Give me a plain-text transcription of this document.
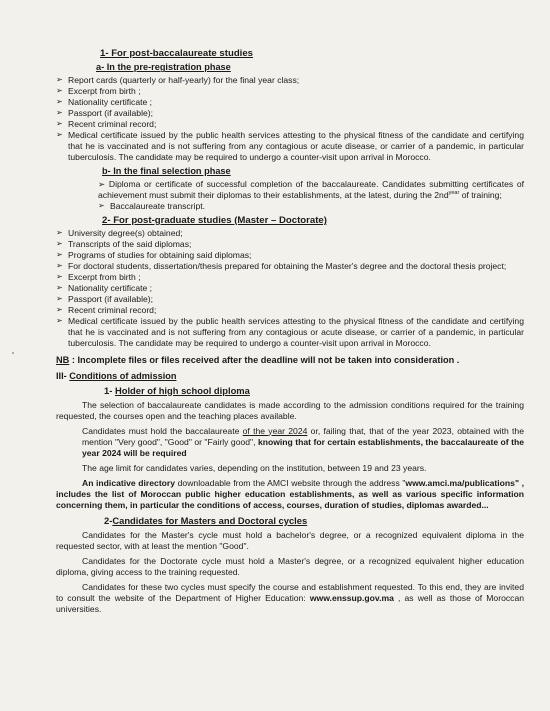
1- For post-baccalaureate studies
a- In the pre-registration phase
➢ Report cards (quarterly or half-yearly) for the final year class;
➢ Excerpt from birth ;
➢ Nationality certificate ;
➢ Passport (if available);
➢ Recent criminal record;
➢ Medical certificate issued by the public health services attesting to the physical fitness of the candidate and certifying that he is vaccinated and is not suffering from any contagious or acute disease, or carrier of a pandemic, in particular tuberculosis. The candidate may be required to undergo a counter-visit upon arrival in Morocco.
b- In the final selection phase
➢ Diploma or certificate of successful completion of the baccalaureate. Candidates submitting certificates of achievement must submit their diplomas to their establishments, at the latest, during the $2nd^{year}$ of training;
➢ Baccalaureate transcript.
2- For post-graduate studies (Master – Doctorate)
➢ University degree(s) obtained;
➢ Transcripts of the said diplomas;
➢ Programs of studies for obtaining said diplomas;
➢ For doctoral students, dissertation/thesis prepared for obtaining the Master's degree and the doctoral thesis project;
➢ Excerpt from birth ;
➢ Nationality certificate ;
➢ Passport (if available);
➢ Recent criminal record;
➢ Medical certificate issued by the public health services attesting to the physical fitness of the candidate and certifying that he is vaccinated and is not suffering from any contagious or acute disease, or carrier of a pandemic, in particular tuberculosis. The candidate may be required to undergo a counter-visit upon arrival in Morocco.
NB : Incomplete files or files received after the deadline will not be taken into consideration .
III- Conditions of admission
1- Holder of high school diploma

The selection of baccalaureate candidates is made according to the admission conditions required for the training requested, the courses open and the teaching places available.

Candidates must hold the baccalaureate of the year 2024 or, failing that, that of the year 2023, obtained with the mention "Very good", "Good" or "Fairly good", knowing that for certain establishments, the baccalaureate of the year 2024 will be required

The age limit for candidates varies, depending on the institution, between 19 and 23 years.

An indicative directory downloadable from the AMCI website through the address "www.amci.ma/publications" , includes the list of Moroccan public higher education establishments, as well as various specific information concerning them, in particular the conditions of access, courses, duration of studies, diplomas awarded...

2-Candidates for Masters and Doctoral cycles

Candidates for the Master's cycle must hold a bachelor's degree, or a recognized equivalent diploma in the requested sector, with at least the mention "Good".

Candidates for the Doctorate cycle must hold a Master's degree, or a recognized equivalent higher education diploma, giving access to the training requested.

Candidates for these two cycles must specify the course and establishment requested. To this end, they are invited to consult the website of the Department of Higher Education: www.enssup.gov.ma , as well as those of Moroccan universities.
